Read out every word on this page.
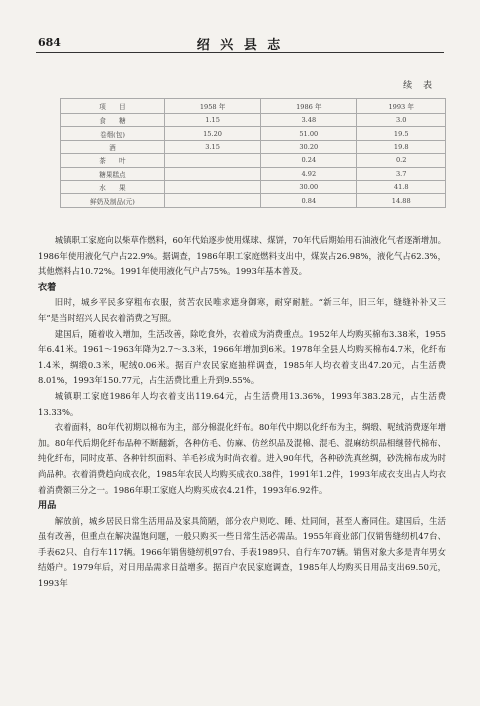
684	绍 兴 县 志
续 表
项　　目	1958 年	1986 年	1993 年
食　　糖	1.15	3.48	3.0
卷烟(包)	15.20	51.00	19.5
酒	3.15	30.20	19.8
茶　　叶		0.24	0.2
糖果糕点		4.92	3.7
水　　果		30.00	41.8
鲜奶及制品(元)		0.84	14.88

城镇职工家庭向以柴草作燃料，60年代始逐步使用煤球、煤饼，70年代后期始用石油液化气者逐渐增加。1986年使用液化气户占22.9%。据调查，1986年职工家庭燃料支出中，煤炭占26.98%，液化气占62.3%，其他燃料占10.72%。1991年使用液化气户占75%。1993年基本普及。

衣着

旧时，城乡平民多穿粗布衣服，贫苦农民唯求遮身御寒，耐穿耐脏。“新三年，旧三年，缝缝补补又三年”是当时绍兴人民衣着消费之写照。

建国后，随着收入增加，生活改善，除吃食外，衣着成为消费重点。1952年人均购买棉布3.38米，1955年6.41米。1961～1963年降为2.7～3.3米，1966年增加到6米。1978年全县人均购买棉布4.7米，化纤布1.4米，绸缎0.3米，呢绒0.06米。据百户农民家庭抽样调查，1985年人均衣着支出47.20元，占生活费8.01%，1993年150.77元，占生活费比重上升到9.55%。

城镇职工家庭1986年人均衣着支出119.64元，占生活费用13.36%，1993年383.28元，占生活费13.33%。

衣着面料，80年代初期以棉布为主，部分棉混化纤布。80年代中期以化纤布为主，绸缎、呢绒消费逐年增加。80年代后期化纤布品种不断翻新，各种仿毛、仿麻、仿丝织品及混棉、混毛、混麻纺织品相继替代棉布、纯化纤布，同时皮革、各种针织面料、羊毛衫成为时尚衣着。进入90年代，各种砂洗真丝绸，砂洗棉布成为时尚品种。衣着消费趋向成衣化，1985年农民人均购买成衣0.38件，1991年1.2件，1993年成衣支出占人均衣着消费额三分之一。1986年职工家庭人均购买成衣4.21件，1993年6.92件。

用品

解放前，城乡居民日常生活用品及家具简陋，部分农户则吃、睡、灶同间，甚至人畜同住。建国后，生活虽有改善，但重点在解决温饱问题，一般只购买一些日常生活必需品。1955年商业部门仅销售缝纫机47台、手表62只、自行车117辆。1966年销售缝纫机97台、手表1989只、自行车707辆。销售对象大多是青年男女结婚户。1979年后，对日用品需求日益增多。据百户农民家庭调查，1985年人均购买日用品支出69.50元，1993年
